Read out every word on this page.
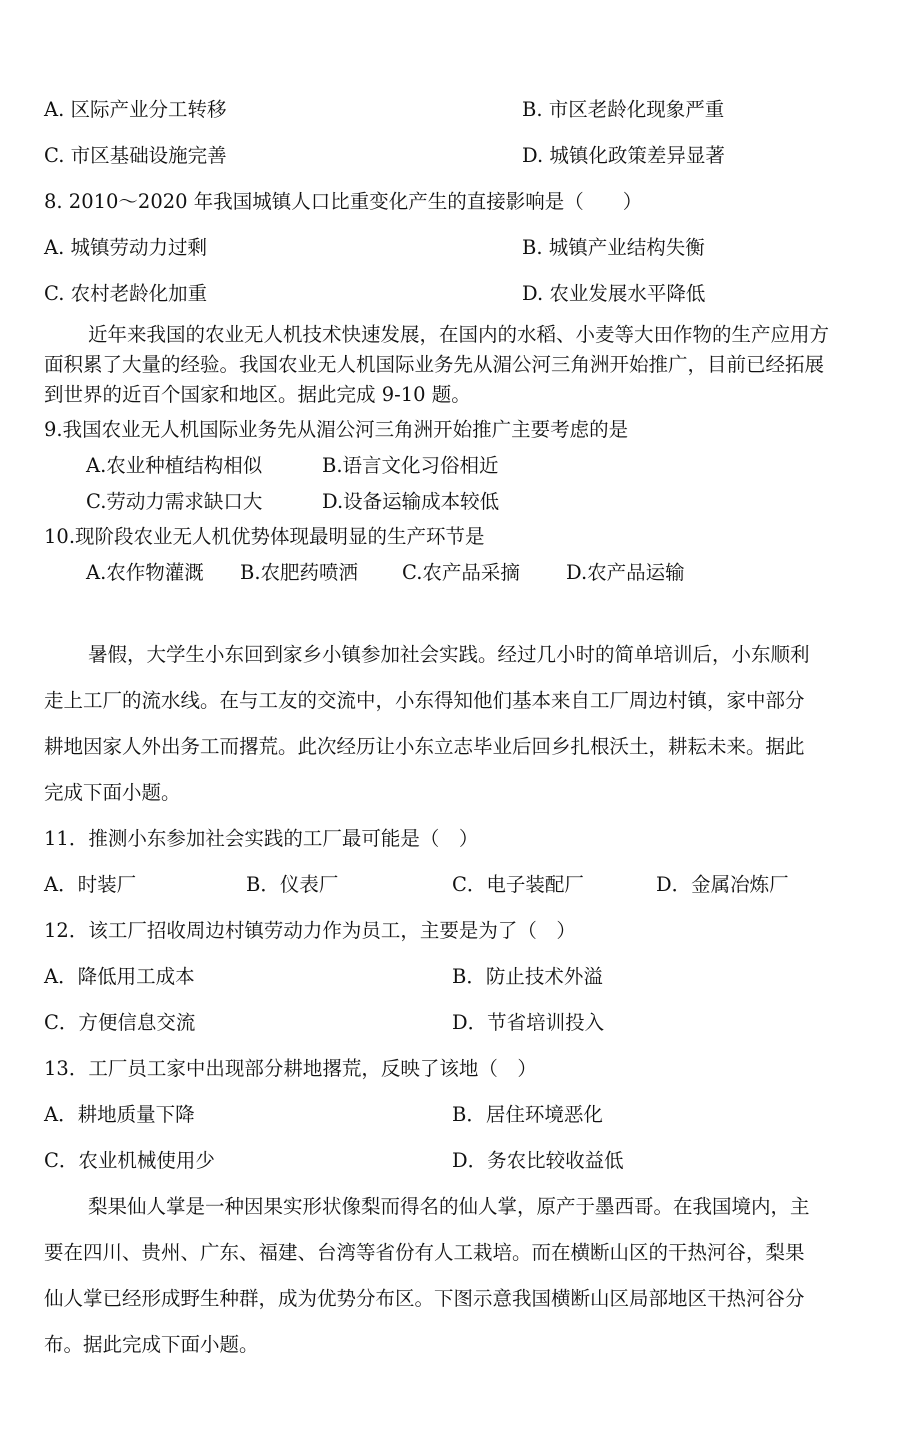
A. 区际产业分工转移	B. 市区老龄化现象严重
C. 市区基础设施完善	D. 城镇化政策差异显著
8. 2010～2020 年我国城镇人口比重变化产生的直接影响是（　　）
A. 城镇劳动力过剩	B. 城镇产业结构失衡
C. 农村老龄化加重	D. 农业发展水平降低
近年来我国的农业无人机技术快速发展，在国内的水稻、小麦等大田作物的生产应用方
面积累了大量的经验。我国农业无人机国际业务先从湄公河三角洲开始推广，目前已经拓展
到世界的近百个国家和地区。据此完成 9-10 题。
9.我国农业无人机国际业务先从湄公河三角洲开始推广主要考虑的是
A.农业种植结构相似	B.语言文化习俗相近
C.劳动力需求缺口大	D.设备运输成本较低
10.现阶段农业无人机优势体现最明显的生产环节是
A.农作物灌溉 B.农肥药喷洒 C.农产品采摘 D.农产品运输
暑假，大学生小东回到家乡小镇参加社会实践。经过几小时的简单培训后，小东顺利
走上工厂的流水线。在与工友的交流中，小东得知他们基本来自工厂周边村镇，家中部分
耕地因家人外出务工而撂荒。此次经历让小东立志毕业后回乡扎根沃土，耕耘未来。据此
完成下面小题。
11．推测小东参加社会实践的工厂最可能是（　）
A．时装厂	B．仪表厂	C．电子装配厂	D．金属冶炼厂
12．该工厂招收周边村镇劳动力作为员工，主要是为了（　）
A．降低用工成本	B．防止技术外溢
C．方便信息交流	D．节省培训投入
13．工厂员工家中出现部分耕地撂荒，反映了该地（　）
A．耕地质量下降	B．居住环境恶化
C．农业机械使用少	D．务农比较收益低
梨果仙人掌是一种因果实形状像梨而得名的仙人掌，原产于墨西哥。在我国境内，主
要在四川、贵州、广东、福建、台湾等省份有人工栽培。而在横断山区的干热河谷，梨果
仙人掌已经形成野生种群，成为优势分布区。下图示意我国横断山区局部地区干热河谷分
布。据此完成下面小题。
